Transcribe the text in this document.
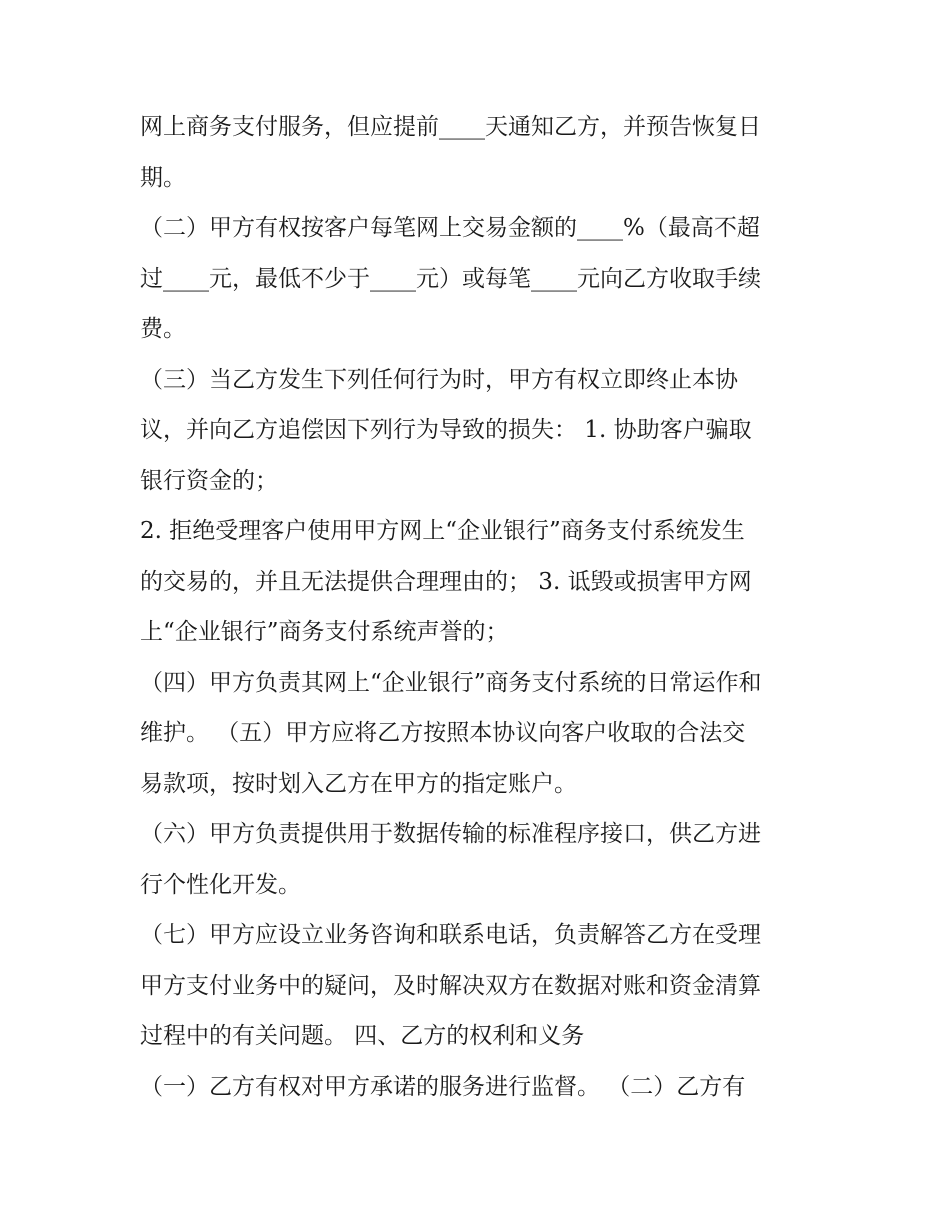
网上商务支付服务，但应提前____天通知乙方，并预告恢复日
期。
（二）甲方有权按客户每笔网上交易金额的____%（最高不超
过____元，最低不少于____元）或每笔____元向乙方收取手续
费。
（三）当乙方发生下列任何行为时，甲方有权立即终止本协
议，并向乙方追偿因下列行为导致的损失： 1. 协助客户骗取
银行资金的；
2. 拒绝受理客户使用甲方网上“企业银行”商务支付系统发生
的交易的，并且无法提供合理理由的； 3. 诋毁或损害甲方网
上“企业银行”商务支付系统声誉的；
（四）甲方负责其网上“企业银行”商务支付系统的日常运作和
维护。 （五）甲方应将乙方按照本协议向客户收取的合法交
易款项，按时划入乙方在甲方的指定账户。
（六）甲方负责提供用于数据传输的标准程序接口，供乙方进
行个性化开发。
（七）甲方应设立业务咨询和联系电话，负责解答乙方在受理
甲方支付业务中的疑问，及时解决双方在数据对账和资金清算
过程中的有关问题。 四、乙方的权利和义务
（一）乙方有权对甲方承诺的服务进行监督。 （二）乙方有
